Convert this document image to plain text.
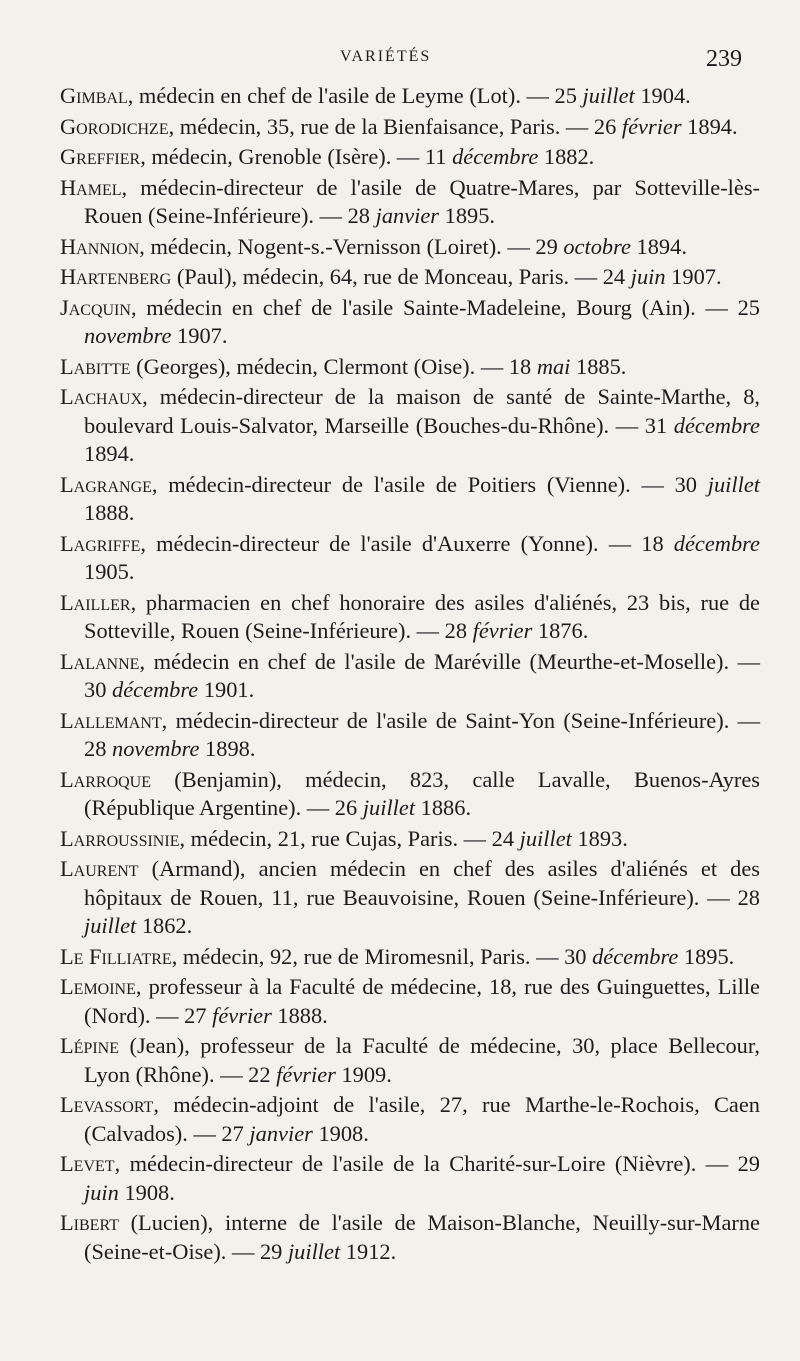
VARIÉTÉS	239
Gimbal, médecin en chef de l'asile de Leyme (Lot). — 25 juillet 1904.
Gorodichze, médecin, 35, rue de la Bienfaisance, Paris. — 26 février 1894.
Greffier, médecin, Grenoble (Isère). — 11 décembre 1882.
Hamel, médecin-directeur de l'asile de Quatre-Mares, par Sotteville-lès-Rouen (Seine-Inférieure). — 28 janvier 1895.
Hannion, médecin, Nogent-s.-Vernisson (Loiret). — 29 octobre 1894.
Hartenberg (Paul), médecin, 64, rue de Monceau, Paris. — 24 juin 1907.
Jacquin, médecin en chef de l'asile Sainte-Madeleine, Bourg (Ain). — 25 novembre 1907.
Labitte (Georges), médecin, Clermont (Oise). — 18 mai 1885.
Lachaux, médecin-directeur de la maison de santé de Sainte-Marthe, 8, boulevard Louis-Salvator, Marseille (Bouches-du-Rhône). — 31 décembre 1894.
Lagrange, médecin-directeur de l'asile de Poitiers (Vienne). — 30 juillet 1888.
Lagriffe, médecin-directeur de l'asile d'Auxerre (Yonne). — 18 décembre 1905.
Lailler, pharmacien en chef honoraire des asiles d'aliénés, 23 bis, rue de Sotteville, Rouen (Seine-Inférieure). — 28 février 1876.
Lalanne, médecin en chef de l'asile de Maréville (Meurthe-et-Moselle). — 30 décembre 1901.
Lallemant, médecin-directeur de l'asile de Saint-Yon (Seine-Inférieure). — 28 novembre 1898.
Larroque (Benjamin), médecin, 823, calle Lavalle, Buenos-Ayres (République Argentine). — 26 juillet 1886.
Larroussinie, médecin, 21, rue Cujas, Paris. — 24 juillet 1893.
Laurent (Armand), ancien médecin en chef des asiles d'aliénés et des hôpitaux de Rouen, 11, rue Beauvoisine, Rouen (Seine-Inférieure). — 28 juillet 1862.
Le Filliatre, médecin, 92, rue de Miromesnil, Paris. — 30 décembre 1895.
Lemoine, professeur à la Faculté de médecine, 18, rue des Guinguettes, Lille (Nord). — 27 février 1888.
Lépine (Jean), professeur de la Faculté de médecine, 30, place Bellecour, Lyon (Rhône). — 22 février 1909.
Levassort, médecin-adjoint de l'asile, 27, rue Marthe-le-Rochois, Caen (Calvados). — 27 janvier 1908.
Levet, médecin-directeur de l'asile de la Charité-sur-Loire (Nièvre). — 29 juin 1908.
Libert (Lucien), interne de l'asile de Maison-Blanche, Neuilly-sur-Marne (Seine-et-Oise). — 29 juillet 1912.
